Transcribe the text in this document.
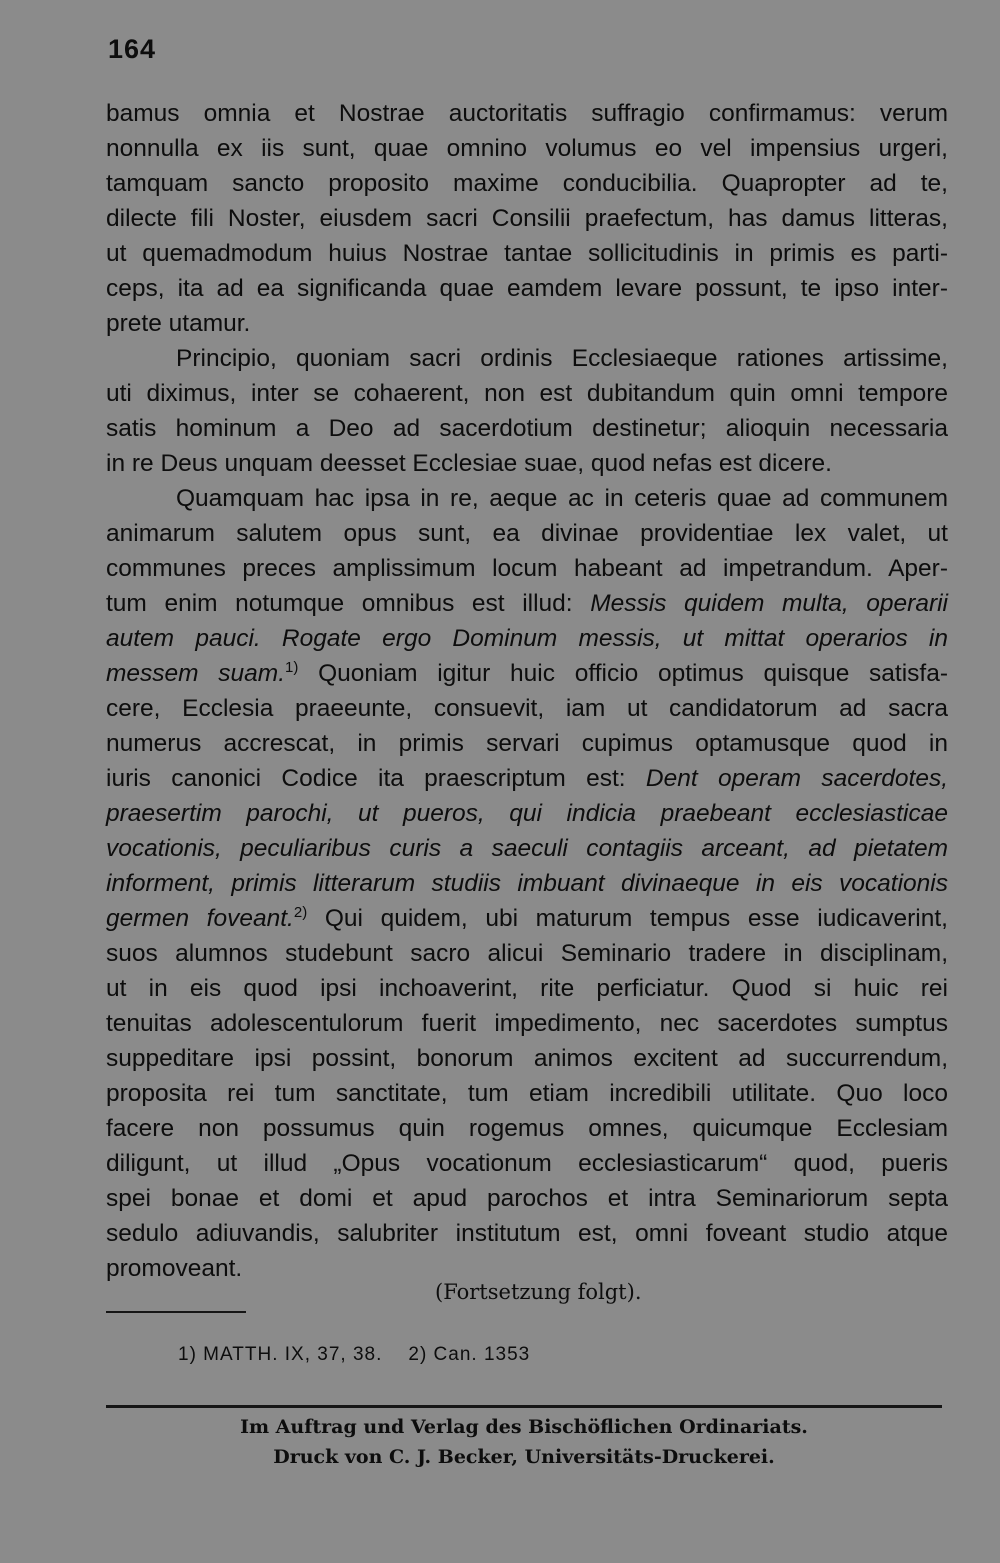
164
bamus omnia et Nostrae auctoritatis suffragio confirmamus: verum
nonnulla ex iis sunt, quae omnino volumus eo vel impensius urgeri,
tamquam sancto proposito maxime conducibilia. Quapropter ad te,
dilecte fili Noster, eiusdem sacri Consilii praefectum, has damus litteras,
ut quemadmodum huius Nostrae tantae sollicitudinis in primis es parti-
ceps, ita ad ea significanda quae eamdem levare possunt, te ipso inter-
prete utamur.
Principio, quoniam sacri ordinis Ecclesiaeque rationes artissime,
uti diximus, inter se cohaerent, non est dubitandum quin omni tempore
satis hominum a Deo ad sacerdotium destinetur; alioquin necessaria
in re Deus unquam deesset Ecclesiae suae, quod nefas est dicere.
Quamquam hac ipsa in re, aeque ac in ceteris quae ad communem
animarum salutem opus sunt, ea divinae providentiae lex valet, ut
communes preces amplissimum locum habeant ad impetrandum. Aper-
tum enim notumque omnibus est illud: Messis quidem multa, operarii
autem pauci. Rogate ergo Dominum messis, ut mittat operarios in
messem suam.$^{1)}$ Quoniam igitur huic officio optimus quisque satisfa-
cere, Ecclesia praeeunte, consuevit, iam ut candidatorum ad sacra
numerus accrescat, in primis servari cupimus optamusque quod in
iuris canonici Codice ita praescriptum est: Dent operam sacerdotes,
praesertim parochi, ut pueros, qui indicia praebeant ecclesiasticae
vocationis, peculiaribus curis a saeculi contagiis arceant, ad pietatem
informent, primis litterarum studiis imbuant divinaeque in eis vocationis
germen foveant.$^{2)}$ Qui quidem, ubi maturum tempus esse iudicaverint,
suos alumnos studebunt sacro alicui Seminario tradere in disciplinam,
ut in eis quod ipsi inchoaverint, rite perficiatur. Quod si huic rei
tenuitas adolescentulorum fuerit impedimento, nec sacerdotes sumptus
suppeditare ipsi possint, bonorum animos excitent ad succurrendum,
proposita rei tum sanctitate, tum etiam incredibili utilitate. Quo loco
facere non possumus quin rogemus omnes, quicumque Ecclesiam
diligunt, ut illud „Opus vocationum ecclesiasticarum“ quod, pueris
spei bonae et domi et apud parochos et intra Seminariorum septa
sedulo adiuvandis, salubriter institutum est, omni foveant studio atque
promoveant.
(Fortsetzung folgt).
1) MATTH. IX, 37, 38. 2) Can. 1353
Im Auftrag und Verlag des Bischöflichen Ordinariats.
Druck von C. J. Becker, Universitäts-Druckerei.
